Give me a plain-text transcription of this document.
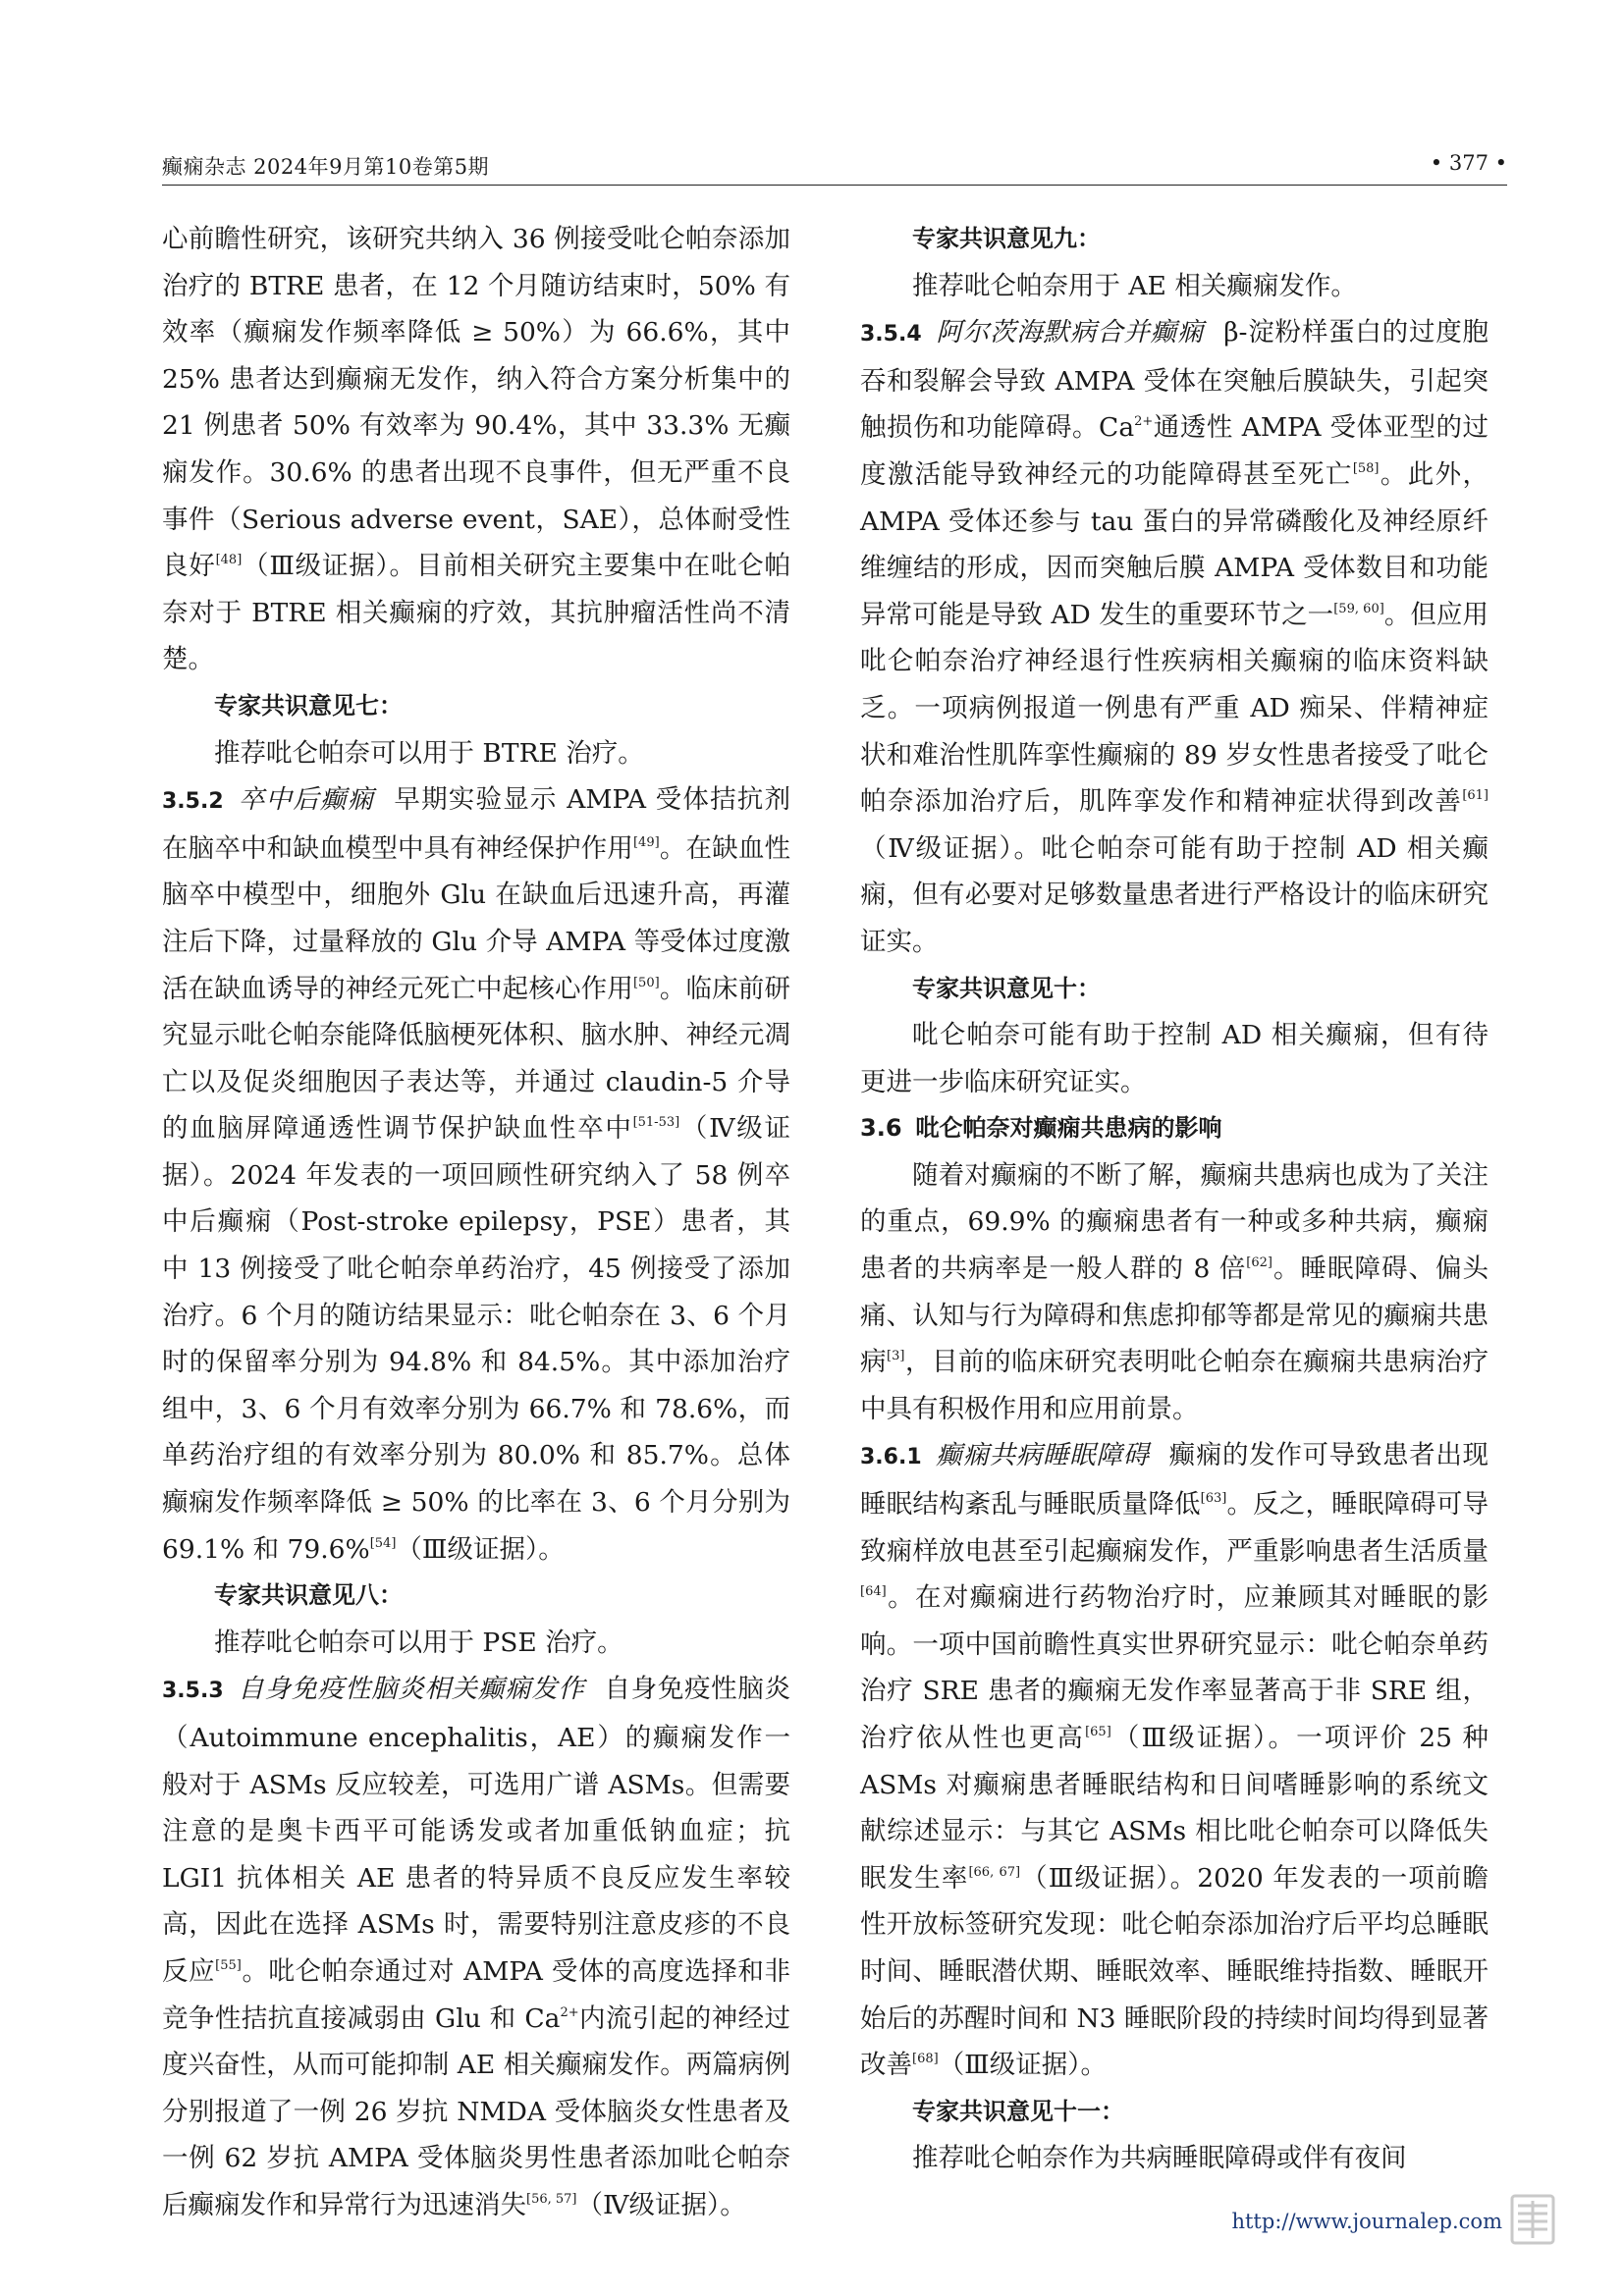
癫痫杂志 2024年9月第10卷第5期	• 377 •

心前瞻性研究，该研究共纳入 36 例接受吡仑帕奈添加治疗的 BTRE 患者，在 12 个月随访结束时，50% 有效率（癫痫发作频率降低 ≥ 50%）为 66.6%，其中 25% 患者达到癫痫无发作，纳入符合方案分析集中的 21 例患者 50% 有效率为 90.4%，其中 33.3% 无癫痫发作。30.6% 的患者出现不良事件，但无严重不良事件（Serious adverse event，SAE），总体耐受性良好[48]（Ⅲ级证据）。目前相关研究主要集中在吡仑帕奈对于 BTRE 相关癫痫的疗效，其抗肿瘤活性尚不清楚。

专家共识意见七：

推荐吡仑帕奈可以用于 BTRE 治疗。

3.5.2 卒中后癫痫 早期实验显示 AMPA 受体拮抗剂在脑卒中和缺血模型中具有神经保护作用[49]。在缺血性脑卒中模型中，细胞外 Glu 在缺血后迅速升高，再灌注后下降，过量释放的 Glu 介导 AMPA 等受体过度激活在缺血诱导的神经元死亡中起核心作用[50]。临床前研究显示吡仑帕奈能降低脑梗死体积、脑水肿、神经元凋亡以及促炎细胞因子表达等，并通过 claudin-5 介导的血脑屏障通透性调节保护缺血性卒中[51-53]（Ⅳ级证据）。2024 年发表的一项回顾性研究纳入了 58 例卒中后癫痫（Post-stroke epilepsy，PSE）患者，其中 13 例接受了吡仑帕奈单药治疗，45 例接受了添加治疗。6 个月的随访结果显示：吡仑帕奈在 3、6 个月时的保留率分别为 94.8% 和 84.5%。其中添加治疗组中，3、6 个月有效率分别为 66.7% 和 78.6%，而单药治疗组的有效率分别为 80.0% 和 85.7%。总体癫痫发作频率降低 ≥ 50% 的比率在 3、6 个月分别为 69.1% 和 79.6%[54]（Ⅲ级证据）。

专家共识意见八：

推荐吡仑帕奈可以用于 PSE 治疗。

3.5.3 自身免疫性脑炎相关癫痫发作 自身免疫性脑炎（Autoimmune encephalitis，AE）的癫痫发作一般对于 ASMs 反应较差，可选用广谱 ASMs。但需要注意的是奥卡西平可能诱发或者加重低钠血症；抗 LGI1 抗体相关 AE 患者的特异质不良反应发生率较高，因此在选择 ASMs 时，需要特别注意皮疹的不良反应[55]。吡仑帕奈通过对 AMPA 受体的高度选择和非竞争性拮抗直接减弱由 Glu 和 $Ca^{2+}$内流引起的神经过度兴奋性，从而可能抑制 AE 相关癫痫发作。两篇病例分别报道了一例 26 岁抗 NMDA 受体脑炎女性患者及一例 62 岁抗 AMPA 受体脑炎男性患者添加吡仑帕奈后癫痫发作和异常行为迅速消失[56, 57]（Ⅳ级证据）。

专家共识意见九：

推荐吡仑帕奈用于 AE 相关癫痫发作。

3.5.4 阿尔茨海默病合并癫痫 β-淀粉样蛋白的过度胞吞和裂解会导致 AMPA 受体在突触后膜缺失，引起突触损伤和功能障碍。$Ca^{2+}$通透性 AMPA 受体亚型的过度激活能导致神经元的功能障碍甚至死亡[58]。此外，AMPA 受体还参与 tau 蛋白的异常磷酸化及神经原纤维缠结的形成，因而突触后膜 AMPA 受体数目和功能异常可能是导致 AD 发生的重要环节之一[59, 60]。但应用吡仑帕奈治疗神经退行性疾病相关癫痫的临床资料缺乏。一项病例报道一例患有严重 AD 痴呆、伴精神症状和难治性肌阵挛性癫痫的 89 岁女性患者接受了吡仑帕奈添加治疗后，肌阵挛发作和精神症状得到改善[61]（Ⅳ级证据）。吡仑帕奈可能有助于控制 AD 相关癫痫，但有必要对足够数量患者进行严格设计的临床研究证实。

专家共识意见十：

吡仑帕奈可能有助于控制 AD 相关癫痫，但有待更进一步临床研究证实。

3.6 吡仑帕奈对癫痫共患病的影响

随着对癫痫的不断了解，癫痫共患病也成为了关注的重点，69.9% 的癫痫患者有一种或多种共病，癫痫患者的共病率是一般人群的 8 倍[62]。睡眠障碍、偏头痛、认知与行为障碍和焦虑抑郁等都是常见的癫痫共患病[3]，目前的临床研究表明吡仑帕奈在癫痫共患病治疗中具有积极作用和应用前景。

3.6.1 癫痫共病睡眠障碍 癫痫的发作可导致患者出现睡眠结构紊乱与睡眠质量降低[63]。反之，睡眠障碍可导致痫样放电甚至引起癫痫发作，严重影响患者生活质量[64]。在对癫痫进行药物治疗时，应兼顾其对睡眠的影响。一项中国前瞻性真实世界研究显示：吡仑帕奈单药治疗 SRE 患者的癫痫无发作率显著高于非 SRE 组，治疗依从性也更高[65]（Ⅲ级证据）。一项评价 25 种 ASMs 对癫痫患者睡眠结构和日间嗜睡影响的系统文献综述显示：与其它 ASMs 相比吡仑帕奈可以降低失眠发生率[66, 67]（Ⅲ级证据）。2020 年发表的一项前瞻性开放标签研究发现：吡仑帕奈添加治疗后平均总睡眠时间、睡眠潜伏期、睡眠效率、睡眠维持指数、睡眠开始后的苏醒时间和 N3 睡眠阶段的持续时间均得到显著改善[68]（Ⅲ级证据）。

专家共识意见十一：

推荐吡仑帕奈作为共病睡眠障碍或伴有夜间

http://www.journalep.com
